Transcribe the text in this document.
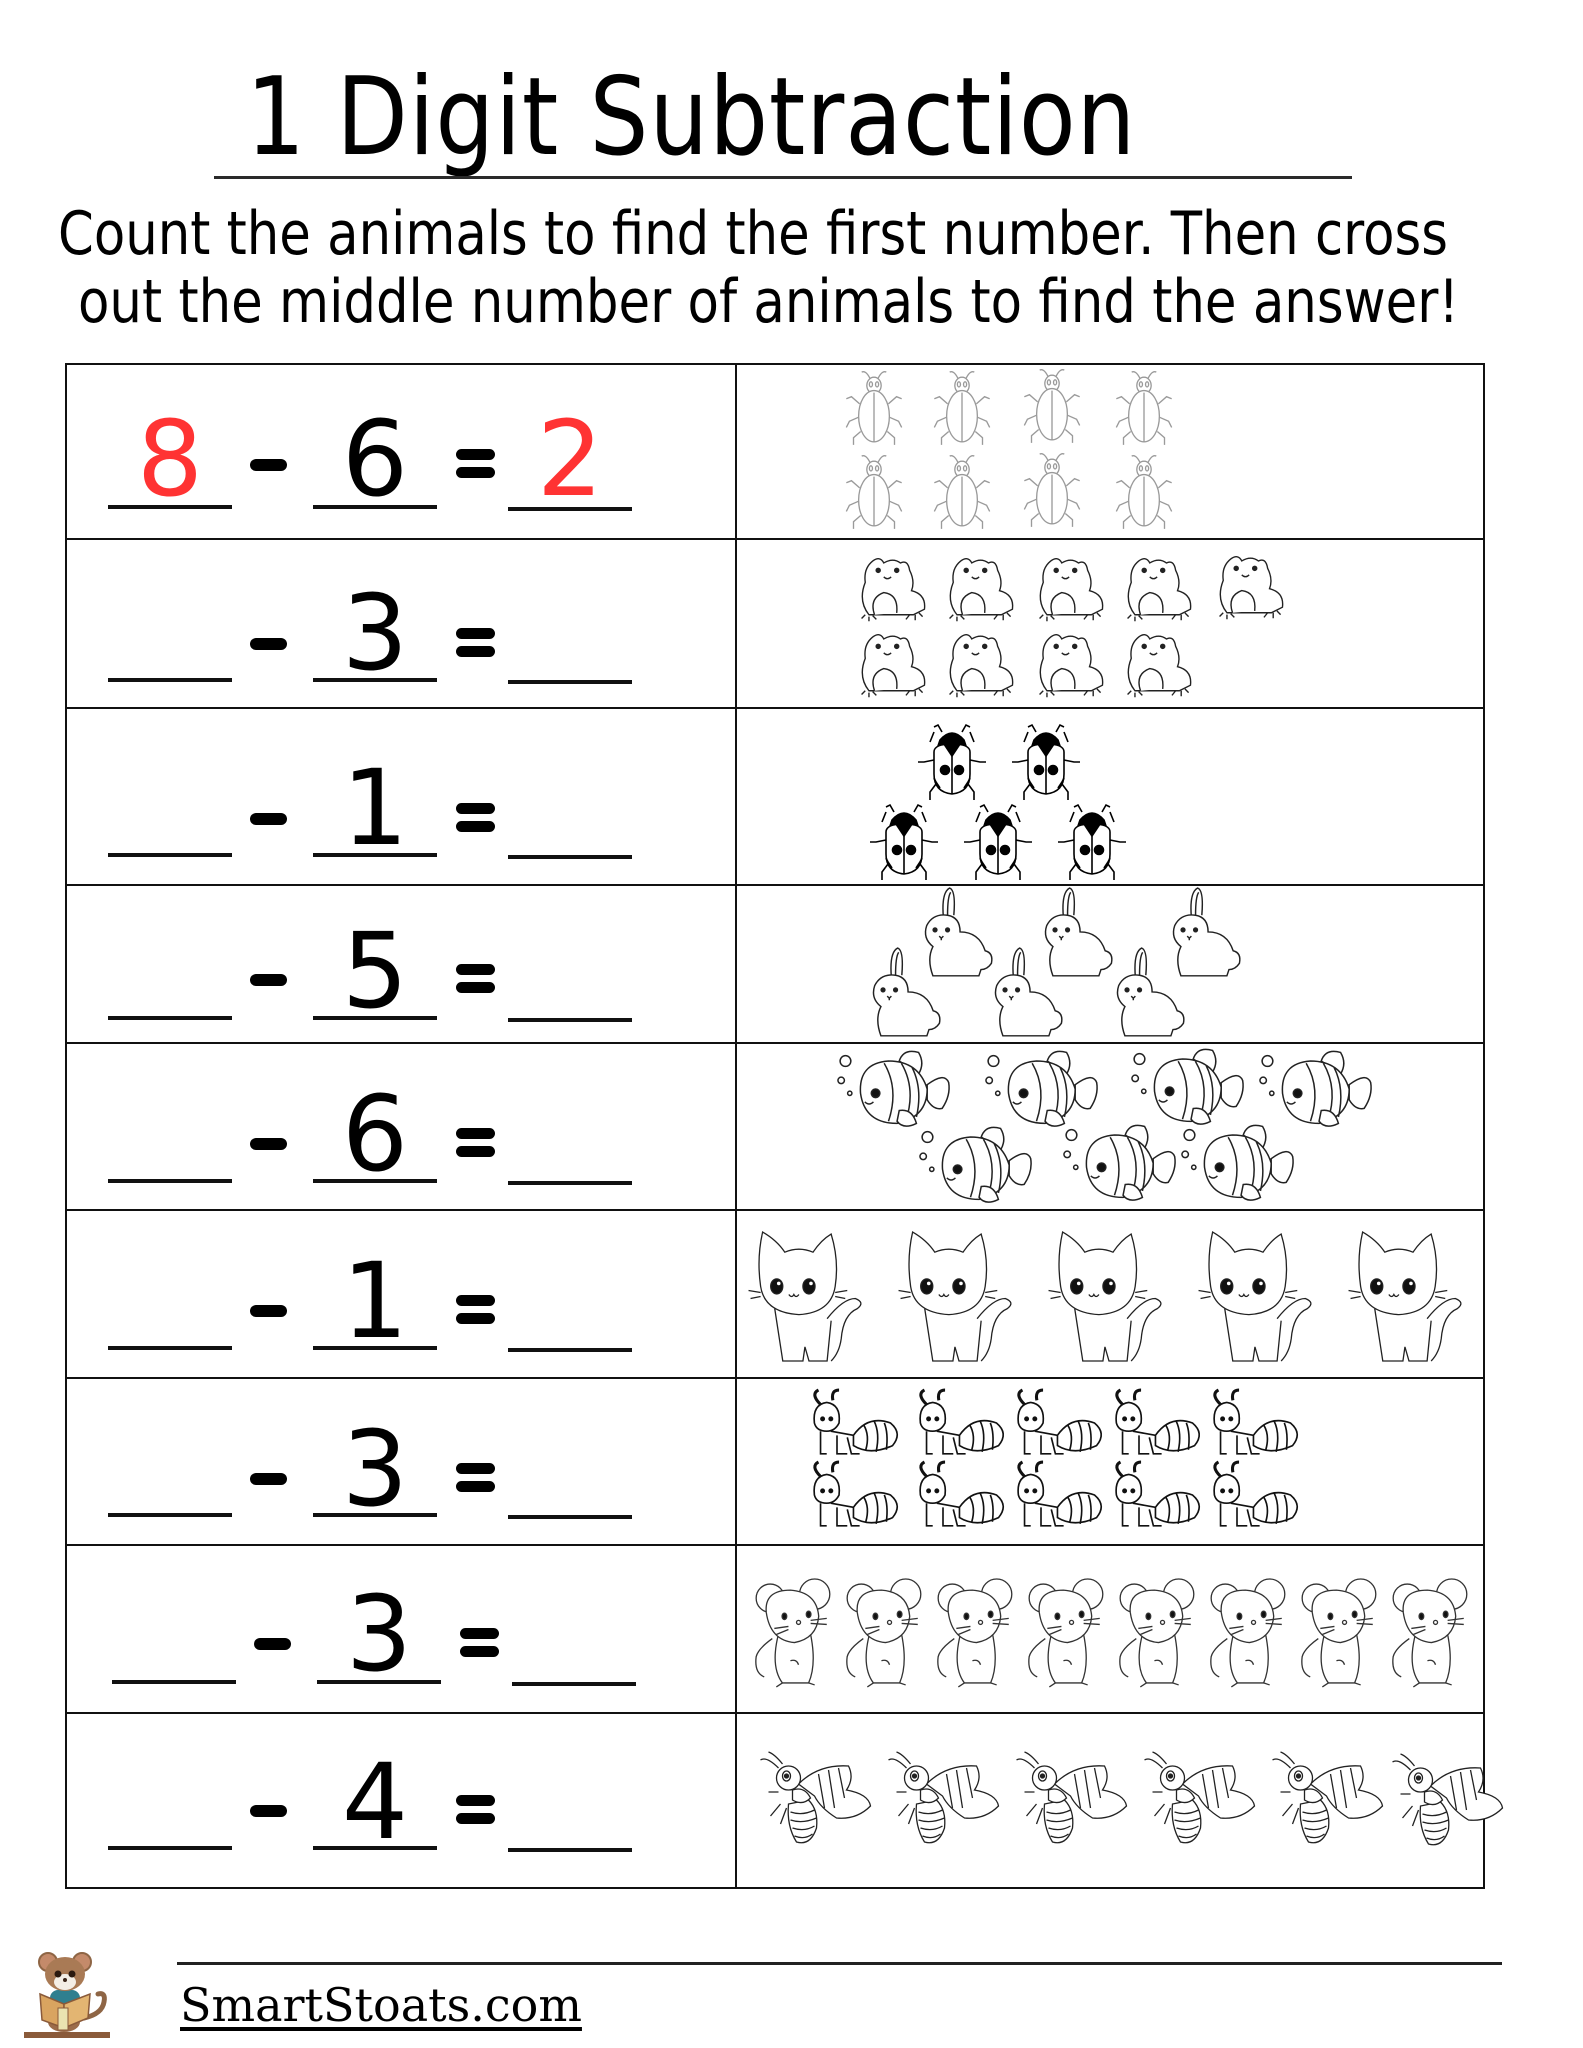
1 Digit Subtraction
Count the animals to find the first number. Then cross
out the middle number of animals to find the answer!
8 6 2
3
1
5
6
1
3
3
4
SmartStoats.com
